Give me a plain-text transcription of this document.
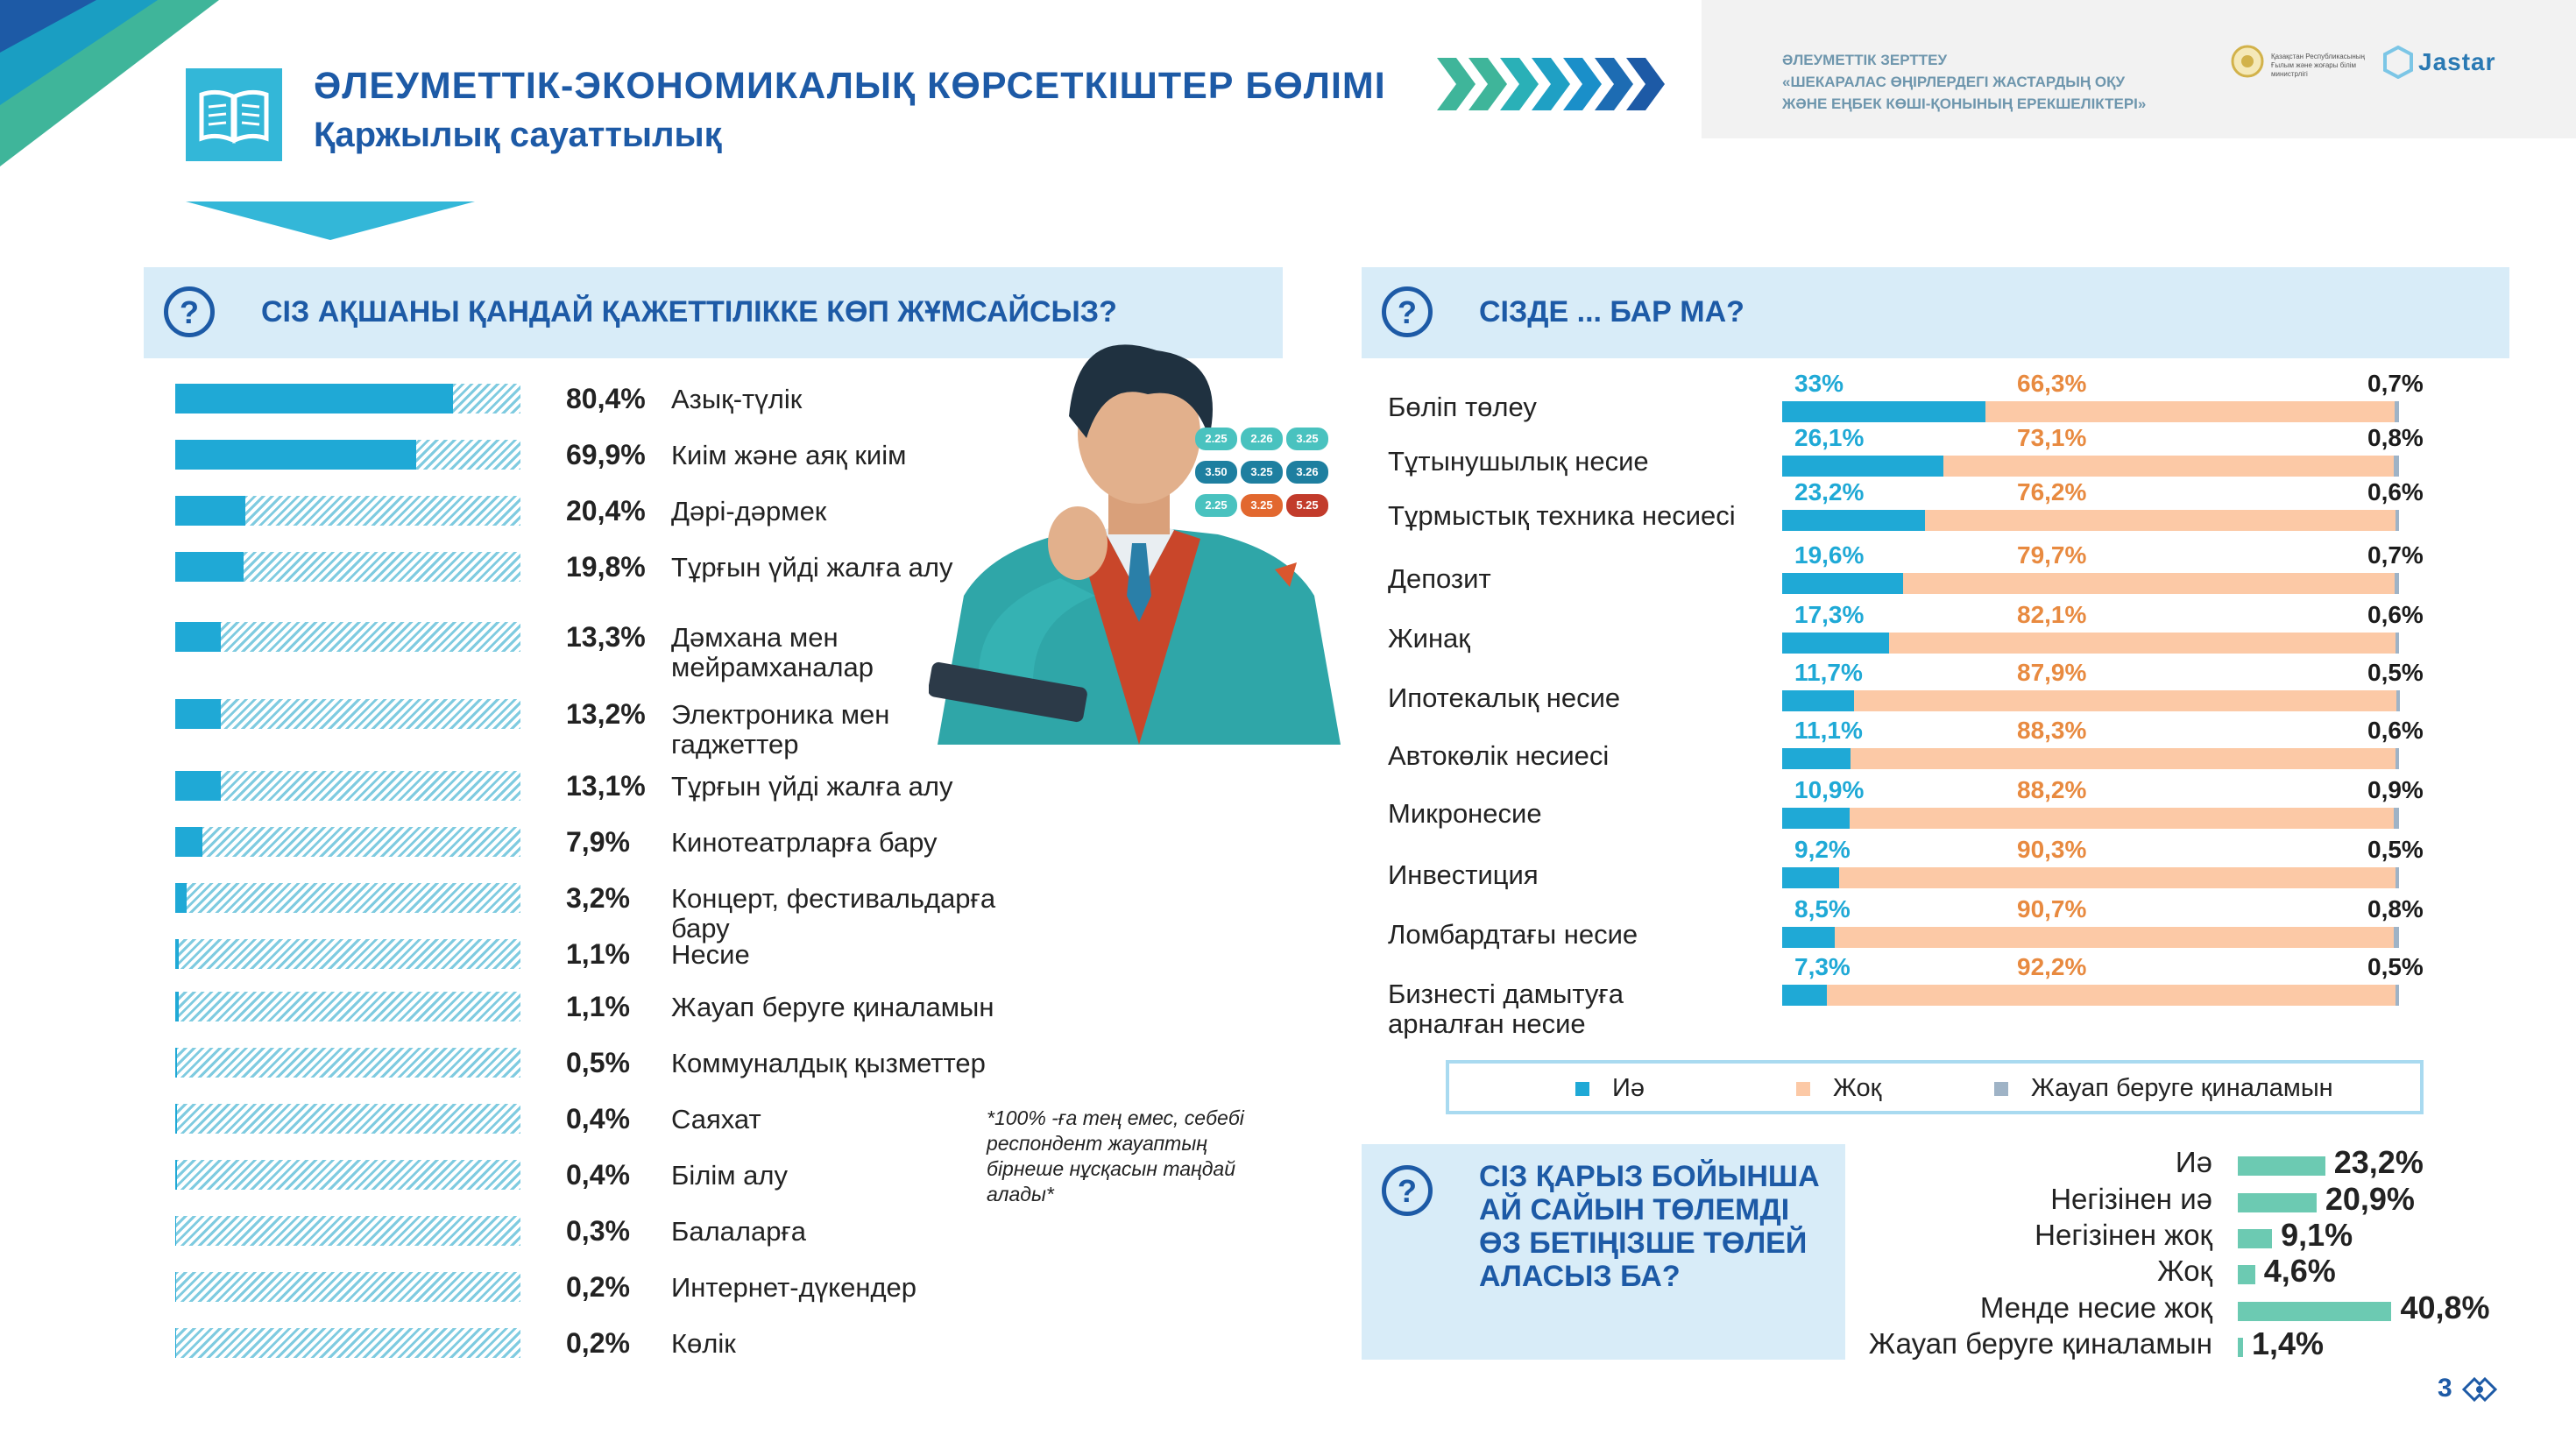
ӘЛЕУМЕТТІК-ЭКОНОМИКАЛЫҚ КӨРСЕТКІШТЕР БӨЛІМІ
Қаржылық сауаттылық
ӘЛЕУМЕТТІК ЗЕРТТЕУ
«ШЕКАРАЛАС ӨҢІРЛЕРДЕГІ ЖАСТАРДЫҢ ОҚУ
ЖӘНЕ ЕҢБЕК КӨШІ-ҚОНЫНЫҢ ЕРЕКШЕЛІКТЕРІ»
Қазақстан Республикасының Ғылым және жоғары білім министрлігі	Jastar
?	СІЗ АҚШАНЫ ҚАНДАЙ ҚАЖЕТТІЛІККЕ КӨП ЖҰМСАЙСЫЗ?
80,4% Азық-түлік
69,9% Киім және аяқ киім
20,4% Дәрі-дәрмек
19,8% Тұрғын үйді жалға алу
13,3% Дәмхана мен мейрамханалар
13,2% Электроника мен гаджеттер
13,1% Тұрғын үйді жалға алу
7,9% Кинотеатрларға бару
3,2% Концерт, фестивальдарға бару
1,1% Несие
1,1% Жауап беруге қиналамын
0,5% Коммуналдық қызметтер
0,4% Саяхат
0,4% Білім алу
0,3% Балаларға
0,2% Интернет-дүкендер
0,2% Көлік
*100% -ға тең емес, себебі респондент жауаптың бірнеше нұсқасын таңдай алады*
2.25	2.26	3.25
3.50	3.25	3.26
2.25	3.25	5.25
?	СІЗДЕ ... БАР МА?
Бөліп төлеу
33%	66,3%	0,7%
Тұтынушылық несие
26,1%	73,1%	0,8%
Тұрмыстық техника несиесі
23,2%	76,2%	0,6%
Депозит
19,6%	79,7%	0,7%
Жинақ
17,3%	82,1%	0,6%
Ипотекалық несие
11,7%	87,9%	0,5%
Автокөлік несиесі
11,1%	88,3%	0,6%
Микронесие
10,9%	88,2%	0,9%
Инвестиция
9,2%	90,3%	0,5%
Ломбардтағы несие
8,5%	90,7%	0,8%
Бизнесті дамытуға арналған несие
7,3%	92,2%	0,5%
Иә	Жоқ	Жауап беруге қиналамын
?	СІЗ ҚАРЫЗ БОЙЫНША АЙ САЙЫН ТӨЛЕМДІ ӨЗ БЕТІҢІЗШЕ ТӨЛЕЙ АЛАСЫЗ БА?
Иә	23,2%
Негізінен иә	20,9%
Негізінен жоқ 9,1%
Жоқ 4,6%
Менде несие жоқ	40,8%
Жауап беруге қиналамын 1,4%
3
